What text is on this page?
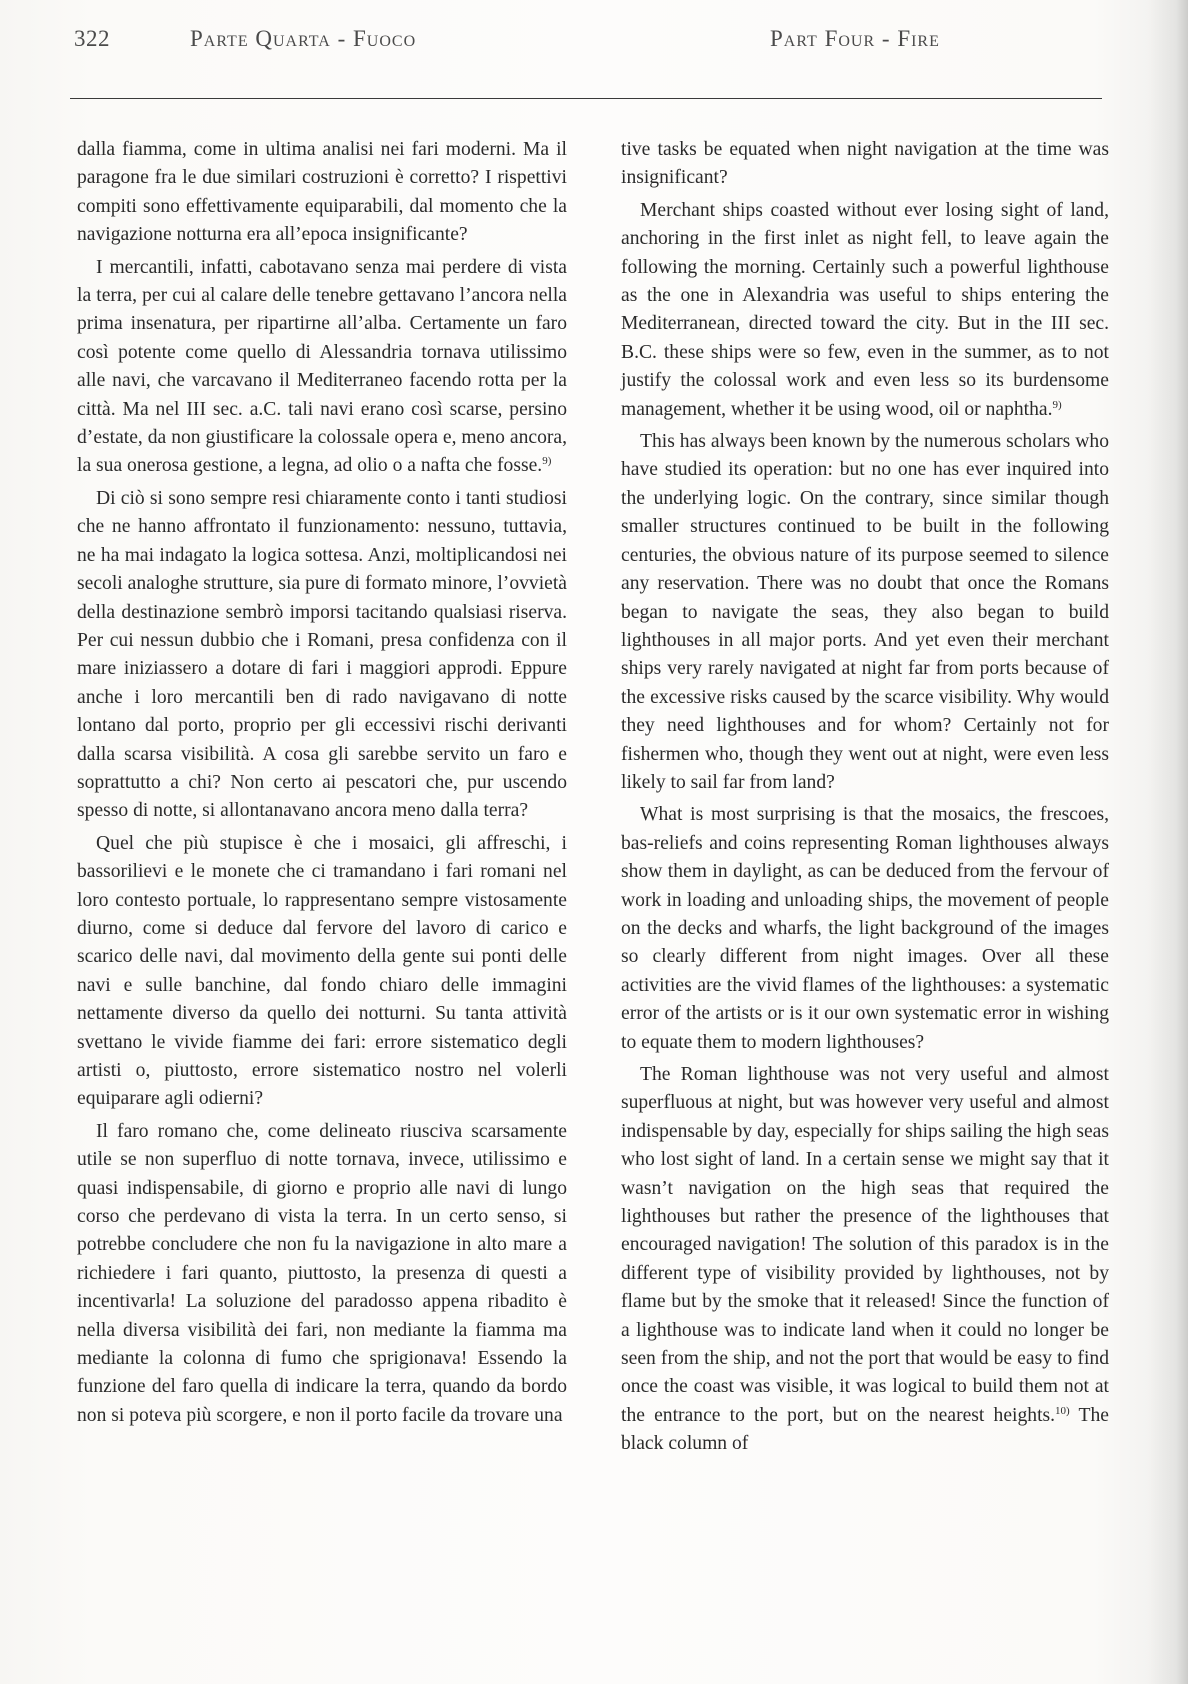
322	Parte Quarta - Fuoco	Part Four - Fire

dalla fiamma, come in ultima analisi nei fari moderni. Ma il paragone fra le due similari costruzioni è corretto? I rispettivi compiti sono effettivamente equiparabili, dal momento che la navigazione notturna era all’epoca insignificante?

I mercantili, infatti, cabotavano senza mai perdere di vista la terra, per cui al calare delle tenebre gettavano l’ancora nella prima insenatura, per ripartirne all’alba. Certamente un faro così potente come quello di Alessandria tornava utilissimo alle navi, che varcavano il Mediterraneo facendo rotta per la città. Ma nel III sec. a.C. tali navi erano così scarse, persino d’estate, da non giustificare la colossale opera e, meno ancora, la sua onerosa gestione, a legna, ad olio o a nafta che fosse.$^{9)}$

Di ciò si sono sempre resi chiaramente conto i tanti studiosi che ne hanno affrontato il funzionamento: nessuno, tuttavia, ne ha mai indagato la logica sottesa. Anzi, moltiplicandosi nei secoli analoghe strutture, sia pure di formato minore, l’ovvietà della destinazione sembrò imporsi tacitando qualsiasi riserva. Per cui nessun dubbio che i Romani, presa confidenza con il mare iniziassero a dotare di fari i maggiori approdi. Eppure anche i loro mercantili ben di rado navigavano di notte lontano dal porto, proprio per gli eccessivi rischi derivanti dalla scarsa visibilità. A cosa gli sarebbe servito un faro e soprattutto a chi? Non certo ai pescatori che, pur uscendo spesso di notte, si allontanavano ancora meno dalla terra?

Quel che più stupisce è che i mosaici, gli affreschi, i bassorilievi e le monete che ci tramandano i fari romani nel loro contesto portuale, lo rappresentano sempre vistosamente diurno, come si deduce dal fervore del lavoro di carico e scarico delle navi, dal movimento della gente sui ponti delle navi e sulle banchine, dal fondo chiaro delle immagini nettamente diverso da quello dei notturni. Su tanta attività svettano le vivide fiamme dei fari: errore sistematico degli artisti o, piuttosto, errore sistematico nostro nel volerli equiparare agli odierni?

Il faro romano che, come delineato riusciva scarsamente utile se non superfluo di notte tornava, invece, utilissimo e quasi indispensabile, di giorno e proprio alle navi di lungo corso che perdevano di vista la terra. In un certo senso, si potrebbe concludere che non fu la navigazione in alto mare a richiedere i fari quanto, piuttosto, la presenza di questi a incentivarla! La soluzione del paradosso appena ribadito è nella diversa visibilità dei fari, non mediante la fiamma ma mediante la colonna di fumo che sprigionava! Essendo la funzione del faro quella di indicare la terra, quando da bordo non si poteva più scorgere, e non il porto facile da trovare una

tive tasks be equated when night navigation at the time was insignificant?

Merchant ships coasted without ever losing sight of land, anchoring in the first inlet as night fell, to leave again the following the morning. Certainly such a powerful lighthouse as the one in Alexandria was useful to ships entering the Mediterranean, directed toward the city. But in the III sec. B.C. these ships were so few, even in the summer, as to not justify the colossal work and even less so its burdensome management, whether it be using wood, oil or naphtha.$^{9)}$

This has always been known by the numerous scholars who have studied its operation: but no one has ever inquired into the underlying logic. On the contrary, since similar though smaller structures continued to be built in the following centuries, the obvious nature of its purpose seemed to silence any reservation. There was no doubt that once the Romans began to navigate the seas, they also began to build lighthouses in all major ports. And yet even their merchant ships very rarely navigated at night far from ports because of the excessive risks caused by the scarce visibility. Why would they need lighthouses and for whom? Certainly not for fishermen who, though they went out at night, were even less likely to sail far from land?

What is most surprising is that the mosaics, the frescoes, bas-reliefs and coins representing Roman lighthouses always show them in daylight, as can be deduced from the fervour of work in loading and unloading ships, the movement of people on the decks and wharfs, the light background of the images so clearly different from night images. Over all these activities are the vivid flames of the lighthouses: a systematic error of the artists or is it our own systematic error in wishing to equate them to modern lighthouses?

The Roman lighthouse was not very useful and almost superfluous at night, but was however very useful and almost indispensable by day, especially for ships sailing the high seas who lost sight of land. In a certain sense we might say that it wasn’t navigation on the high seas that required the lighthouses but rather the presence of the lighthouses that encouraged navigation! The solution of this paradox is in the different type of visibility provided by lighthouses, not by flame but by the smoke that it released! Since the function of a lighthouse was to indicate land when it could no longer be seen from the ship, and not the port that would be easy to find once the coast was visible, it was logical to build them not at the entrance to the port, but on the nearest heights.$^{10)}$ The black column of
